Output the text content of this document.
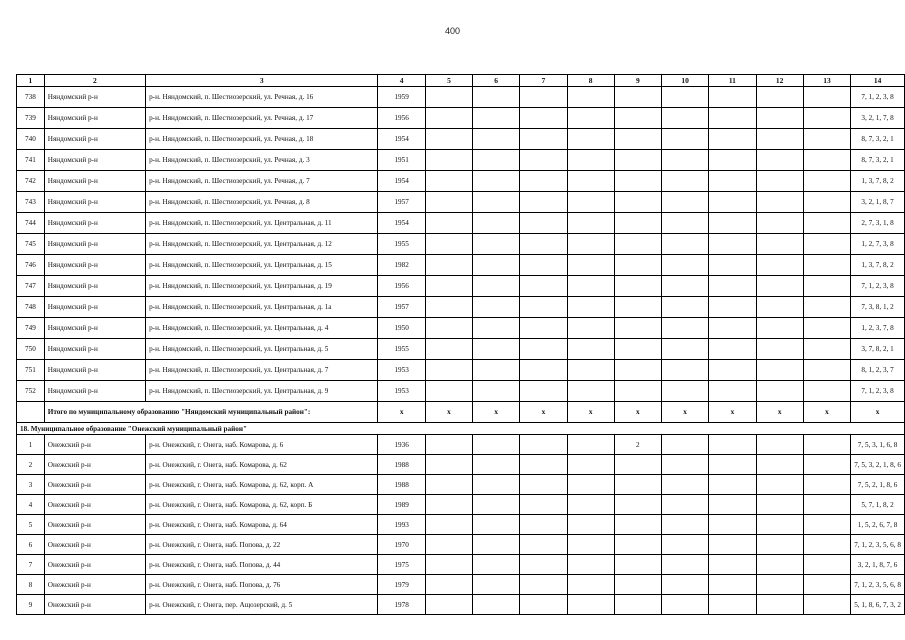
400
1	2	3	4	5	6	7	8	9	10	11	12	13	14
738	Няндомский р-н	р-н. Няндомский, п. Шестиозерский, ул. Речная, д. 16	1959										7, 1, 2, 3, 8
739	Няндомский р-н	р-н. Няндомский, п. Шестиозерский, ул. Речная, д. 17	1956										3, 2, 1, 7, 8
740	Няндомский р-н	р-н. Няндомский, п. Шестиозерский, ул. Речная, д. 18	1954										8, 7, 3, 2, 1
741	Няндомский р-н	р-н. Няндомский, п. Шестиозерский, ул. Речная, д. 3	1951										8, 7, 3, 2, 1
742	Няндомский р-н	р-н. Няндомский, п. Шестиозерский, ул. Речная, д. 7	1954										1, 3, 7, 8, 2
743	Няндомский р-н	р-н. Няндомский, п. Шестиозерский, ул. Речная, д. 8	1957										3, 2, 1, 8, 7
744	Няндомский р-н	р-н. Няндомский, п. Шестиозерский, ул. Центральная, д. 11	1954										2, 7, 3, 1, 8
745	Няндомский р-н	р-н. Няндомский, п. Шестиозерский, ул. Центральная, д. 12	1955										1, 2, 7, 3, 8
746	Няндомский р-н	р-н. Няндомский, п. Шестиозерский, ул. Центральная, д. 15	1982										1, 3, 7, 8, 2
747	Няндомский р-н	р-н. Няндомский, п. Шестиозерский, ул. Центральная, д. 19	1956										7, 1, 2, 3, 8
748	Няндомский р-н	р-н. Няндомский, п. Шестиозерский, ул. Центральная, д. 1а	1957										7, 3, 8, 1, 2
749	Няндомский р-н	р-н. Няндомский, п. Шестиозерский, ул. Центральная, д. 4	1950										1, 2, 3, 7, 8
750	Няндомский р-н	р-н. Няндомский, п. Шестиозерский, ул. Центральная, д. 5	1955										3, 7, 8, 2, 1
751	Няндомский р-н	р-н. Няндомский, п. Шестиозерский, ул. Центральная, д. 7	1953										8, 1, 2, 3, 7
752	Няндомский р-н	р-н. Няндомский, п. Шестиозерский, ул. Центральная, д. 9	1953										7, 1, 2, 3, 8
	Итого по муниципальному образованию "Няндомский муниципальный район":		x	x	x	x	x	x	x	x	x	x	x
18. Муниципальное образование "Онежский муниципальный район"													
1	Онежский р-н	р-н. Онежский, г. Онега, наб. Комарова, д. 6	1936					2					7, 5, 3, 1, 6, 8
2	Онежский р-н	р-н. Онежский, г. Онега, наб. Комарова, д. 62	1988										7, 5, 3, 2, 1, 8, 6
3	Онежский р-н	р-н. Онежский, г. Онега, наб. Комарова, д. 62, корп. А	1988										7, 5, 2, 1, 8, 6
4	Онежский р-н	р-н. Онежский, г. Онега, наб. Комарова, д. 62, корп. Б	1989										5, 7, 1, 8, 2
5	Онежский р-н	р-н. Онежский, г. Онега, наб. Комарова, д. 64	1993										1, 5, 2, 6, 7, 8
6	Онежский р-н	р-н. Онежский, г. Онега, наб. Попова, д. 22	1970										7, 1, 2, 3, 5, 6, 8
7	Онежский р-н	р-н. Онежский, г. Онега, наб. Попова, д. 44	1975										3, 2, 1, 8, 7, 6
8	Онежский р-н	р-н. Онежский, г. Онега, наб. Попова, д. 76	1979										7, 1, 2, 3, 5, 6, 8
9	Онежский р-н	р-н. Онежский, г. Онега, пер. Ащозерский, д. 5	1978										5, 1, 8, 6, 7, 3, 2
